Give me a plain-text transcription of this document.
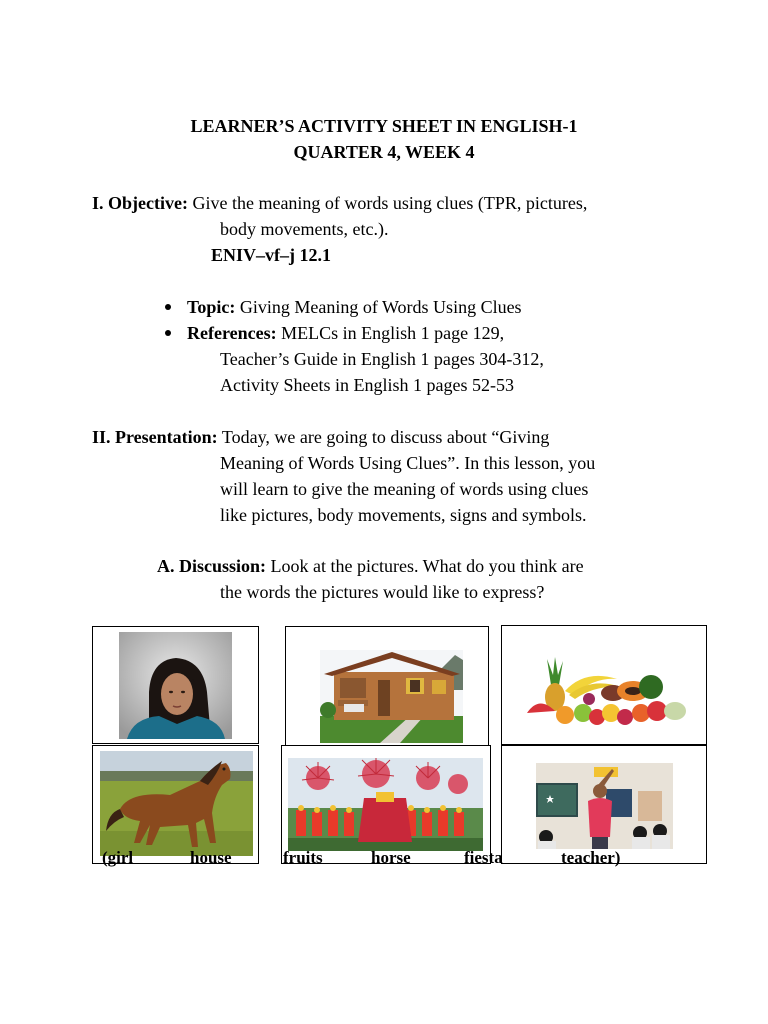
LEARNER’S ACTIVITY SHEET IN ENGLISH-1
QUARTER 4, WEEK 4
I. Objective: Give the meaning of words using clues (TPR, pictures,
body movements, etc.).
ENIV–vf–j 12.1
Topic: Giving Meaning of Words Using Clues
References: MELCs in English 1 page 129,
Teacher’s Guide in English 1 pages 304-312,
Activity Sheets in English 1 pages 52-53
II. Presentation: Today, we are going to discuss about “Giving
Meaning of Words Using Clues”. In this lesson, you
will learn to give the meaning of words using clues
like pictures, body movements, signs and symbols.
A. Discussion: Look at the pictures. What do you think are
the words the pictures would like to express?
(girl	house	fruits	horse	fiesta	teacher)
